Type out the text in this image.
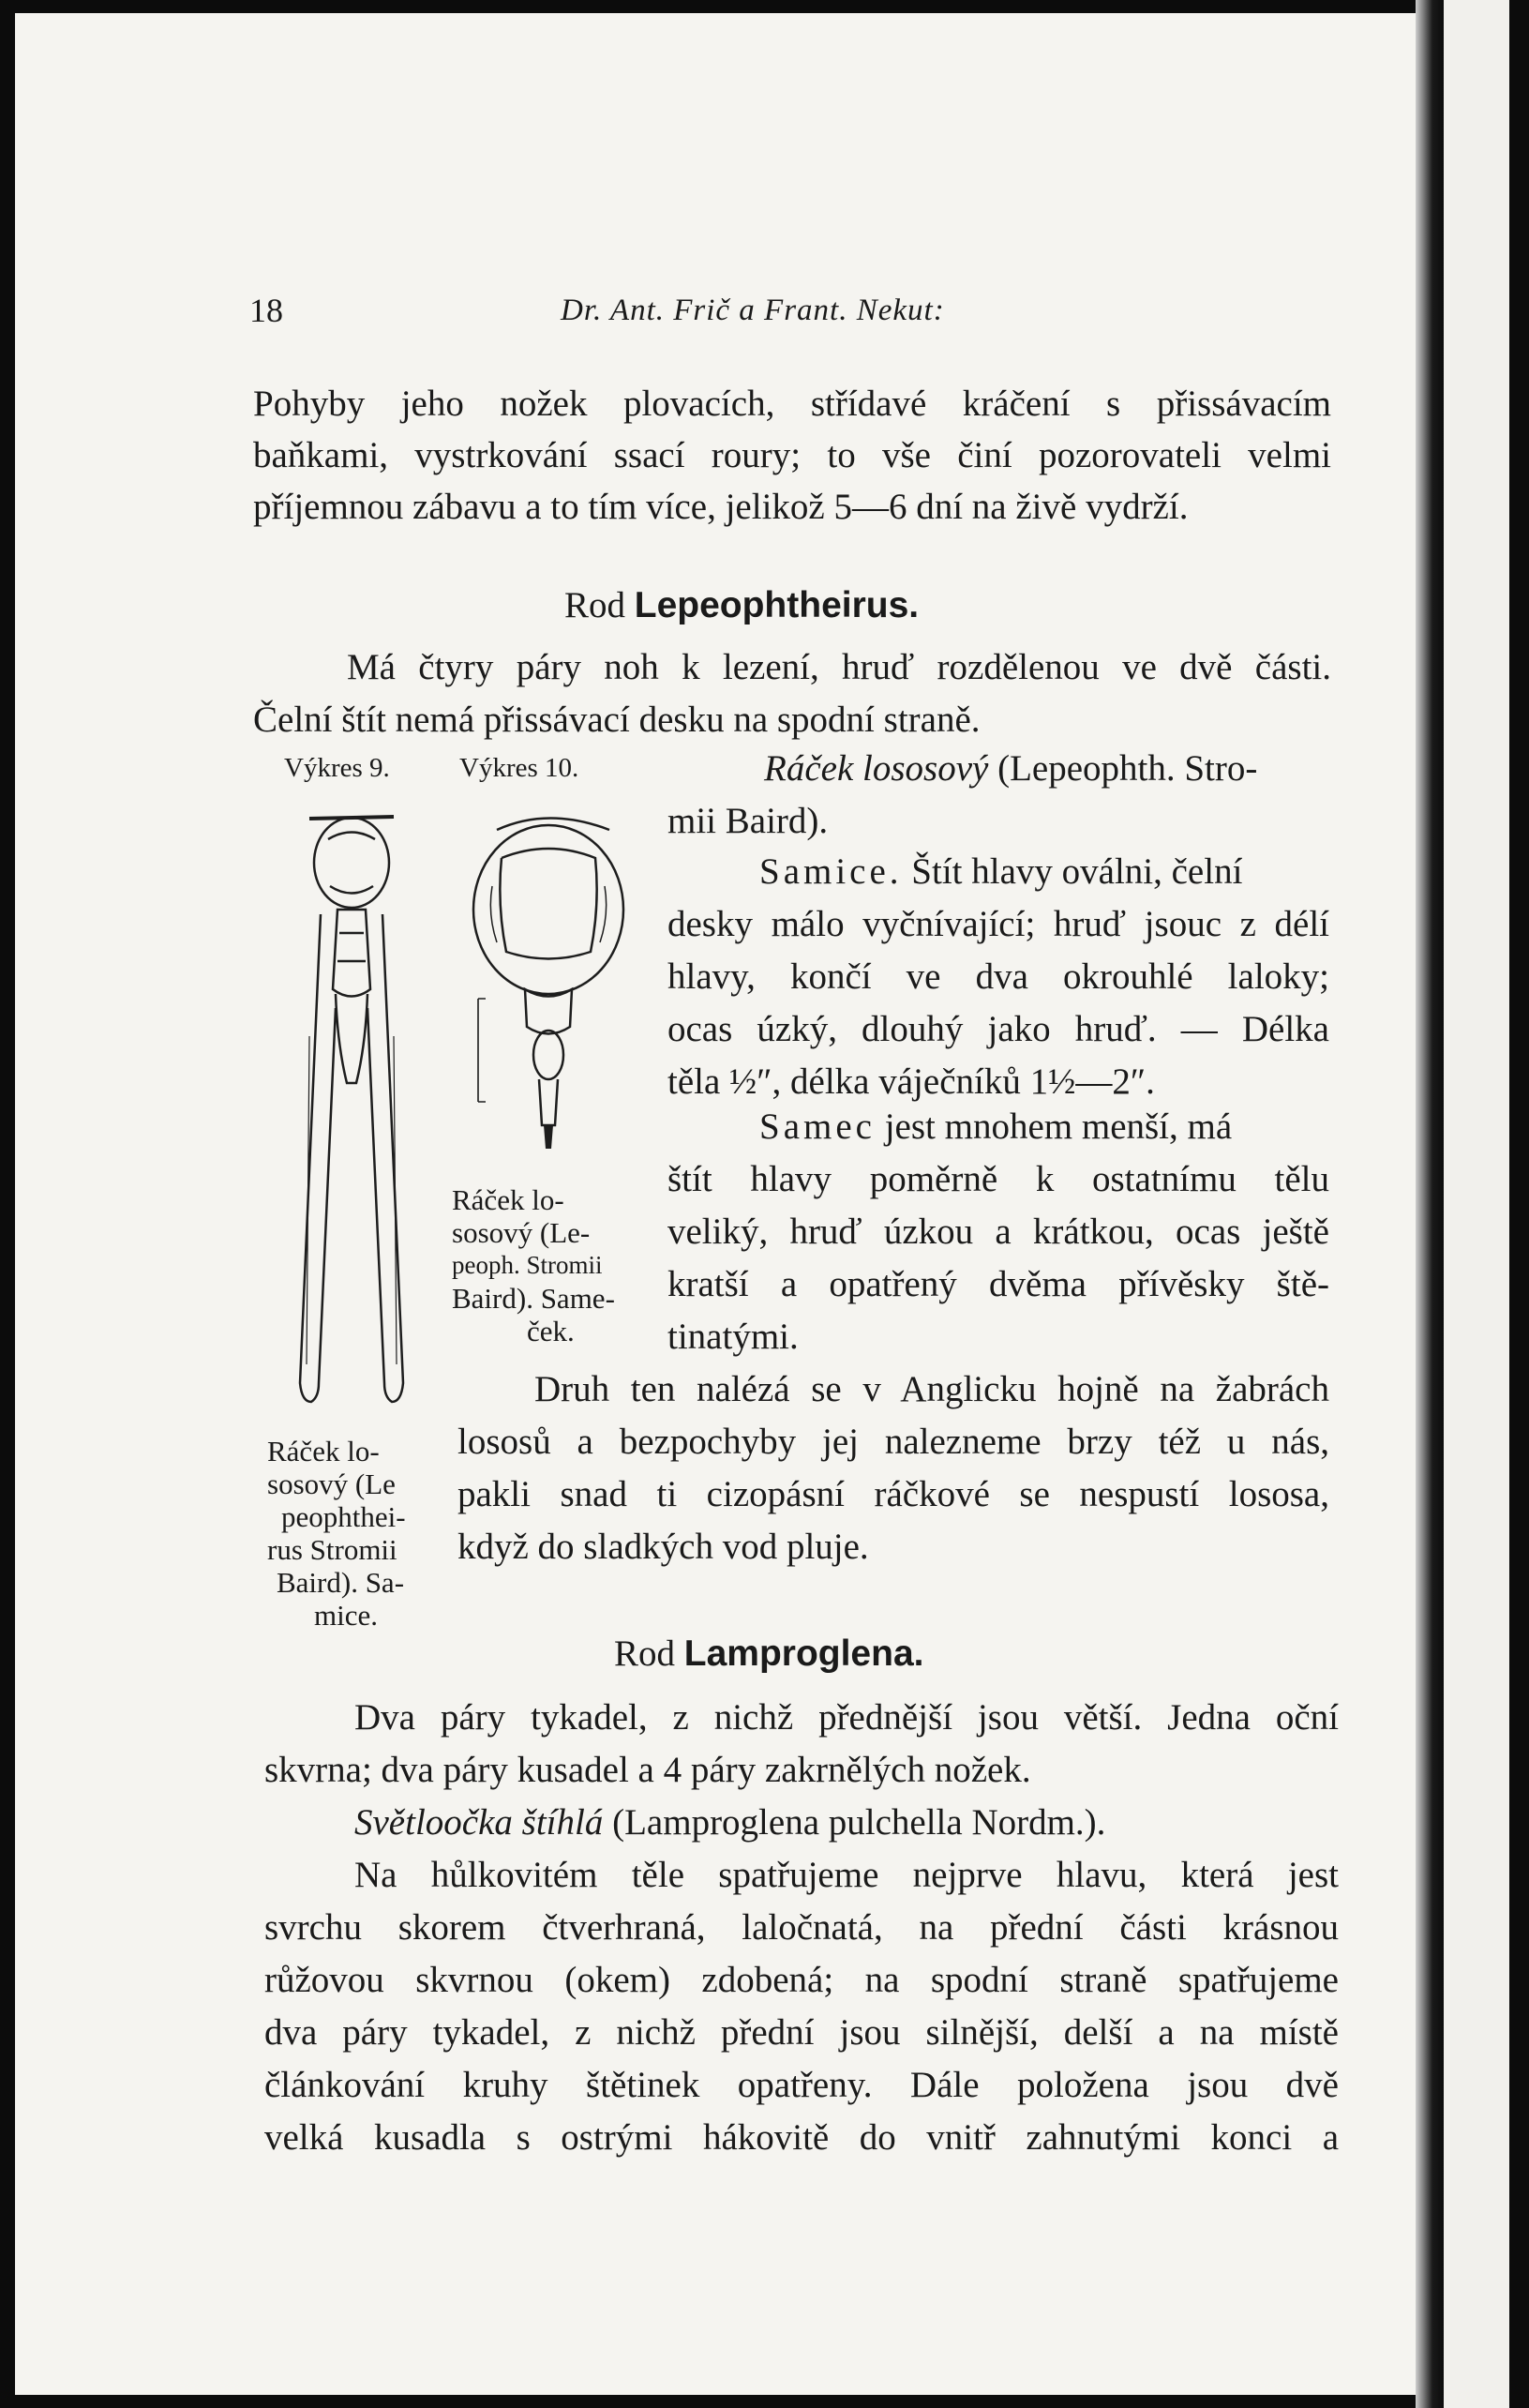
18	Dr. Ant. Frič a Frant. Nekut:
Pohyby jeho nožek plovacích, střídavé kráčení s přissávacím
baňkami, vystrkování ssací roury; to vše činí pozorovateli velmi
příjemnou zábavu a to tím více, jelikož 5—6 dní na živě vydrží.
Rod Lepeophtheirus.
Má čtyry páry noh k lezení, hruď rozdělenou ve dvě části.
Čelní štít nemá přissávací desku na spodní straně.
Výkres 9.	Výkres 10.	Ráček lososový (Lepeophth. Stro-
mii Baird).
Samice. Štít hlavy oválni, čelní
desky málo vyčnívající; hruď jsouc z délí
hlavy, končí ve dva okrouhlé laloky;
ocas úzký, dlouhý jako hruď. — Délka
těla ½″, délka váječníků 1½—2″.
Samec jest mnohem menší, má
štít hlavy poměrně k ostatnímu tělu
veliký, hruď úzkou a krátkou, ocas ještě
kratší a opatřený dvěma přívěsky ště-
tinatými.
Ráček lo-
sosový (Le-
peoph. Stromii
Baird). Same-
ček.
Druh ten nalézá se v Anglicku hojně na žabrách
lososů a bezpochyby jej nalezneme brzy též u nás,
pakli snad ti cizopásní ráčkové se nespustí lososa,
když do sladkých vod pluje.
Ráček lo-
sosový (Le
peophthei-
rus Stromii
Baird). Sa-
mice.
Rod Lamproglena.
Dva páry tykadel, z nichž přednější jsou větší. Jedna oční
skvrna; dva páry kusadel a 4 páry zakrnělých nožek.
Světloočka štíhlá (Lamproglena pulchella Nordm.).
Na hůlkovitém těle spatřujeme nejprve hlavu, která jest
svrchu skorem čtverhraná, laločnatá, na přední části krásnou
růžovou skvrnou (okem) zdobená; na spodní straně spatřujeme
dva páry tykadel, z nichž přední jsou silnější, delší a na místě
článkování kruhy štětinek opatřeny. Dále položena jsou dvě
velká kusadla s ostrými hákovitě do vnitř zahnutými konci a
